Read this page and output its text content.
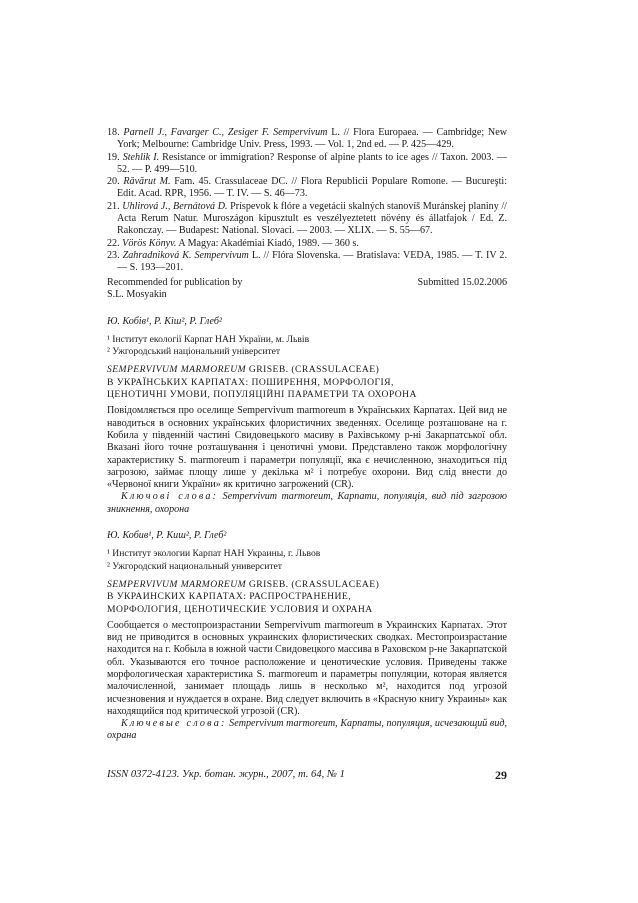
18. Parnell J., Favarger C., Zesiger F. Sempervivum L. // Flora Europaea. — Cambridge; New York; Melbourne: Cambridge Univ. Press, 1993. — Vol. 1, 2nd ed. — P. 425—429.
19. Stehlik I. Resistance or immigration? Response of alpine plants to ice ages // Taxon. 2003. — 52. — P. 499—510.
20. Răvărut M. Fam. 45. Crassulaceae DC. // Flora Republicii Populare Romone. — Bucureşti: Edit. Acad. RPR, 1956. — T. IV. — S. 46—73.
21. Uhlirová J., Bernátová D. Príspevok k flóre a vegetácii skalných stanovíš Muránskej planiny // Acta Rerum Natur. Muroszágon kipusztult es veszélyeztetett növény és állatfajok / Ed. Z. Rakonczay. — Budapest: National. Slovaci. — 2003. — XLIX. — S. 55—67.
22. Vörös Könyv. A Magya: Akadémiai Kiadó, 1989. — 360 s.
23. Zahradniková K. Sempervivum L. // Flóra Slovenska. — Bratislava: VEDA, 1985. — T. IV 2. — S. 193—201.
Recommended for publication by	Submitted 15.02.2006
S.L. Mosyakin
Ю. Кобів¹, Р. Кіш², Р. Глеб²
¹ Інститут екології Карпат НАН України, м. Львів
² Ужгородський національний університет
SEMPERVIVUM MARMOREUM GRISEB. (CRASSULACEAE)
В УКРАЇНСЬКИХ КАРПАТАХ: ПОШИРЕННЯ, МОРФОЛОГІЯ,
ЦЕНОТИЧНІ УМОВИ, ПОПУЛЯЦІЙНІ ПАРАМЕТРИ ТА ОХОРОНА
Повідомляється про оселище Sempervivum marmoreum в Українських Карпатах. Цей вид не наводиться в основних українських флористичних зведеннях. Оселище розташоване на г. Кобила у південній частині Свидовецького масиву в Рахівському р-ні Закарпатської обл. Вказані його точне розташування і ценотичні умови. Представлено також морфологічну характеристику S. marmoreum і параметри популяції, яка є нечисленною, знаходиться під загрозою, займає площу лише у декілька м² і потребує охорони. Вид слід внести до «Червоної книги України» як критично загрожений (CR).
Ключові слова: Sempervivum marmoreum, Карпати, популяція, вид під загрозою зникнення, охорона
Ю. Кобив¹, Р. Киш², Р. Глеб²
¹ Институт экологии Карпат НАН Украины, г. Львов
² Ужгородский национальный университет
SEMPERVIVUM MARMOREUM GRISEB. (CRASSULACEAE)
В УКРАИНСКИХ КАРПАТАХ: РАСПРОСТРАНЕНИЕ,
МОРФОЛОГИЯ, ЦЕНОТИЧЕСКИЕ УСЛОВИЯ И ОХРАНА
Сообщается о местопроизрастании Sempervivum marmoreum в Украинских Карпатах. Этот вид не приводится в основных украинских флористических сводках. Местопроизрастание находится на г. Кобыла в южной части Свидовецкого массива в Раховском р-не Закарпатской обл. Указываются его точное расположение и ценотические условия. Приведены также морфологическая характеристика S. marmoreum и параметры популяции, которая является малочисленной, занимает площадь лишь в несколько м², находится под угрозой исчезновения и нуждается в охране. Вид следует включить в «Красную книгу Украины» как находящийся под критической угрозой (CR).
Ключевые слова: Sempervivum marmoreum, Карпаты, популяция, исчезающий вид, охрана
ISSN 0372-4123. Укр. ботан. журн., 2007, т. 64, № 1	29
